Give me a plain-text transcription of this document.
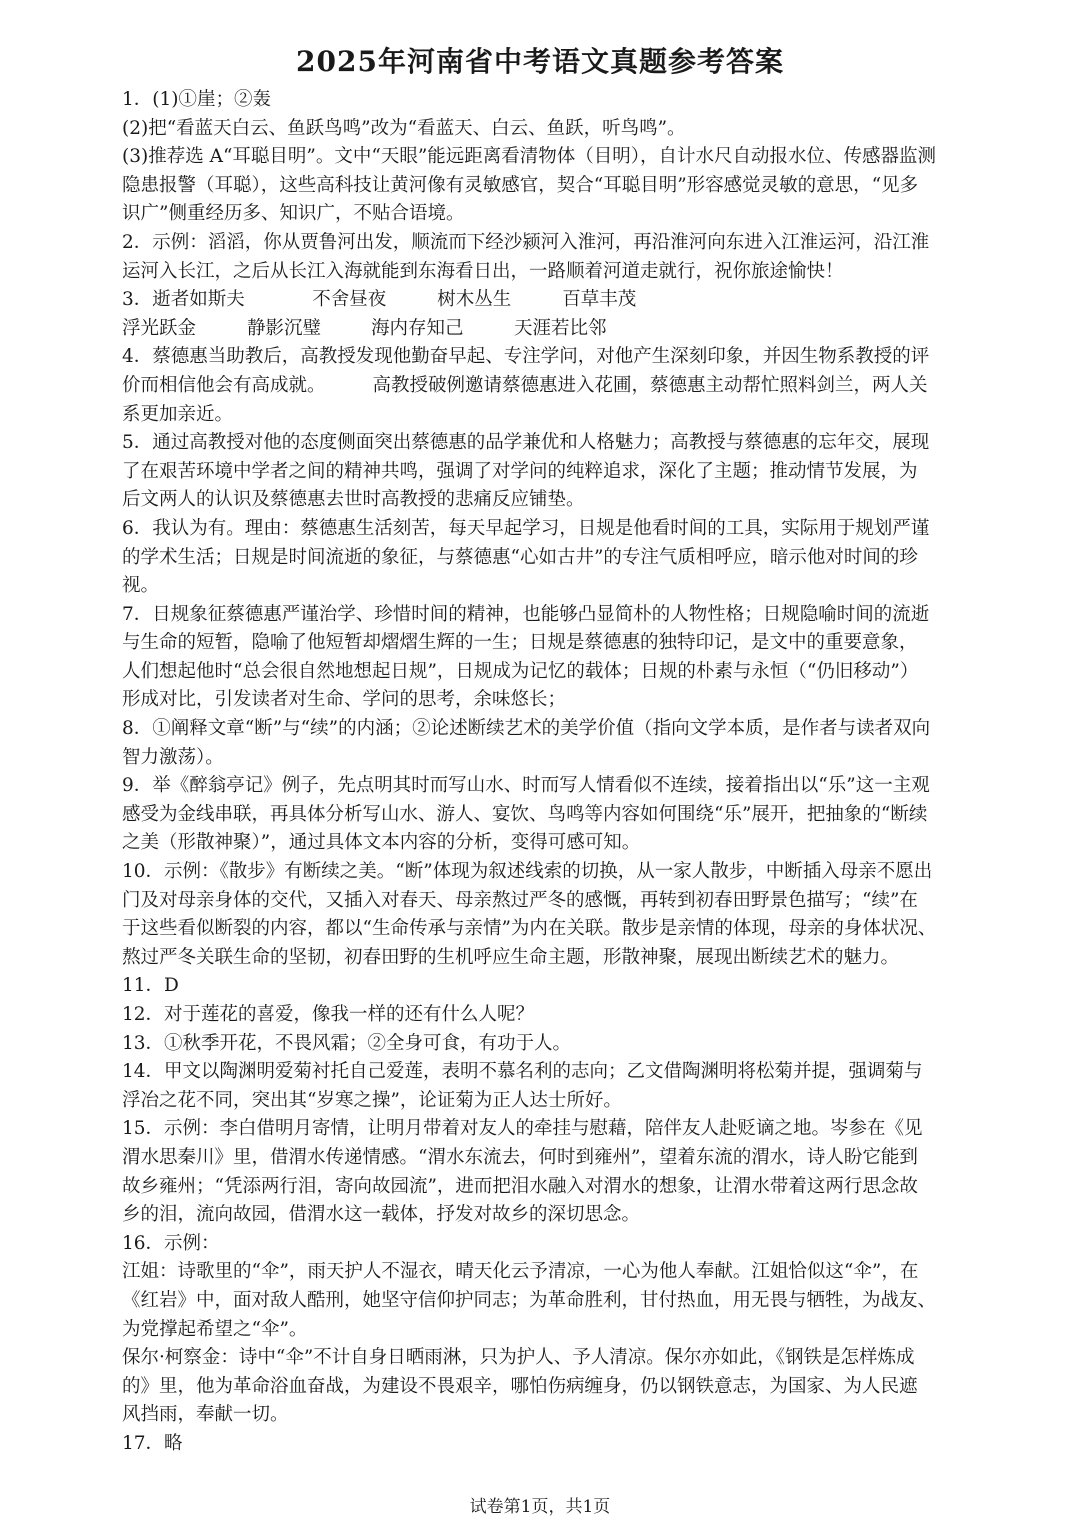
2025年河南省中考语文真题参考答案
1．(1)①崖；②轰
(2)把“看蓝天白云、鱼跃鸟鸣”改为“看蓝天、白云、鱼跃，听鸟鸣”。
(3)推荐选 A“耳聪目明”。文中“天眼”能远距离看清物体（目明），自计水尺自动报水位、传感器监测
隐患报警（耳聪），这些高科技让黄河像有灵敏感官，契合“耳聪目明”形容感觉灵敏的意思，“见多
识广”侧重经历多、知识广，不贴合语境。
2．示例：滔滔，你从贾鲁河出发，顺流而下经沙颍河入淮河，再沿淮河向东进入江淮运河，沿江淮
运河入长江，之后从长江入海就能到东海看日出，一路顺着河道走就行，祝你旅途愉快！
3．逝者如斯夫	不舍昼夜	树木丛生	百草丰茂
浮光跃金	静影沉璧	海内存知己	天涯若比邻
4．蔡德惠当助教后，高教授发现他勤奋早起、专注学问，对他产生深刻印象，并因生物系教授的评
价而相信他会有高成就。        高教授破例邀请蔡德惠进入花圃，蔡德惠主动帮忙照料剑兰，两人关
系更加亲近。
5．通过高教授对他的态度侧面突出蔡德惠的品学兼优和人格魅力；高教授与蔡德惠的忘年交，展现
了在艰苦环境中学者之间的精神共鸣，强调了对学问的纯粹追求，深化了主题；推动情节发展，为
后文两人的认识及蔡德惠去世时高教授的悲痛反应铺垫。
6．我认为有。理由：蔡德惠生活刻苦，每天早起学习，日规是他看时间的工具，实际用于规划严谨
的学术生活；日规是时间流逝的象征，与蔡德惠“心如古井”的专注气质相呼应，暗示他对时间的珍
视。
7．日规象征蔡德惠严谨治学、珍惜时间的精神，也能够凸显简朴的人物性格；日规隐喻时间的流逝
与生命的短暂，隐喻了他短暂却熠熠生辉的一生；日规是蔡德惠的独特印记，是文中的重要意象，
人们想起他时“总会很自然地想起日规”，日规成为记忆的载体；日规的朴素与永恒（“仍旧移动”）
形成对比，引发读者对生命、学问的思考，余味悠长；
8．①阐释文章“断”与“续”的内涵；②论述断续艺术的美学价值（指向文学本质，是作者与读者双向
智力激荡）。
9．举《醉翁亭记》例子，先点明其时而写山水、时而写人情看似不连续，接着指出以“乐”这一主观
感受为金线串联，再具体分析写山水、游人、宴饮、鸟鸣等内容如何围绕“乐”展开，把抽象的“断续
之美（形散神聚）”，通过具体文本内容的分析，变得可感可知。
10．示例：《散步》有断续之美。“断”体现为叙述线索的切换，从一家人散步，中断插入母亲不愿出
门及对母亲身体的交代，又插入对春天、母亲熬过严冬的感慨，再转到初春田野景色描写；“续”在
于这些看似断裂的内容，都以“生命传承与亲情”为内在关联。散步是亲情的体现，母亲的身体状况、
熬过严冬关联生命的坚韧，初春田野的生机呼应生命主题，形散神聚，展现出断续艺术的魅力。
11．D
12．对于莲花的喜爱，像我一样的还有什么人呢？
13．①秋季开花，不畏风霜；②全身可食，有功于人。
14．甲文以陶渊明爱菊衬托自己爱莲，表明不慕名利的志向；乙文借陶渊明将松菊并提，强调菊与
浮冶之花不同，突出其“岁寒之操”，论证菊为正人达士所好。
15．示例：李白借明月寄情，让明月带着对友人的牵挂与慰藉，陪伴友人赴贬谪之地。岑参在《见
渭水思秦川》里，借渭水传递情感。“渭水东流去，何时到雍州”，望着东流的渭水，诗人盼它能到
故乡雍州；“凭添两行泪，寄向故园流”，进而把泪水融入对渭水的想象，让渭水带着这两行思念故
乡的泪，流向故园，借渭水这一载体，抒发对故乡的深切思念。
16．示例：
江姐：诗歌里的“伞”，雨天护人不湿衣，晴天化云予清凉，一心为他人奉献。江姐恰似这“伞”，在
《红岩》中，面对敌人酷刑，她坚守信仰护同志；为革命胜利，甘付热血，用无畏与牺牲，为战友、
为党撑起希望之“伞”。
保尔·柯察金：诗中“伞”不计自身日晒雨淋，只为护人、予人清凉。保尔亦如此，《钢铁是怎样炼成
的》里，他为革命浴血奋战，为建设不畏艰辛，哪怕伤病缠身，仍以钢铁意志，为国家、为人民遮
风挡雨，奉献一切。
17．略
试卷第1页，共1页
